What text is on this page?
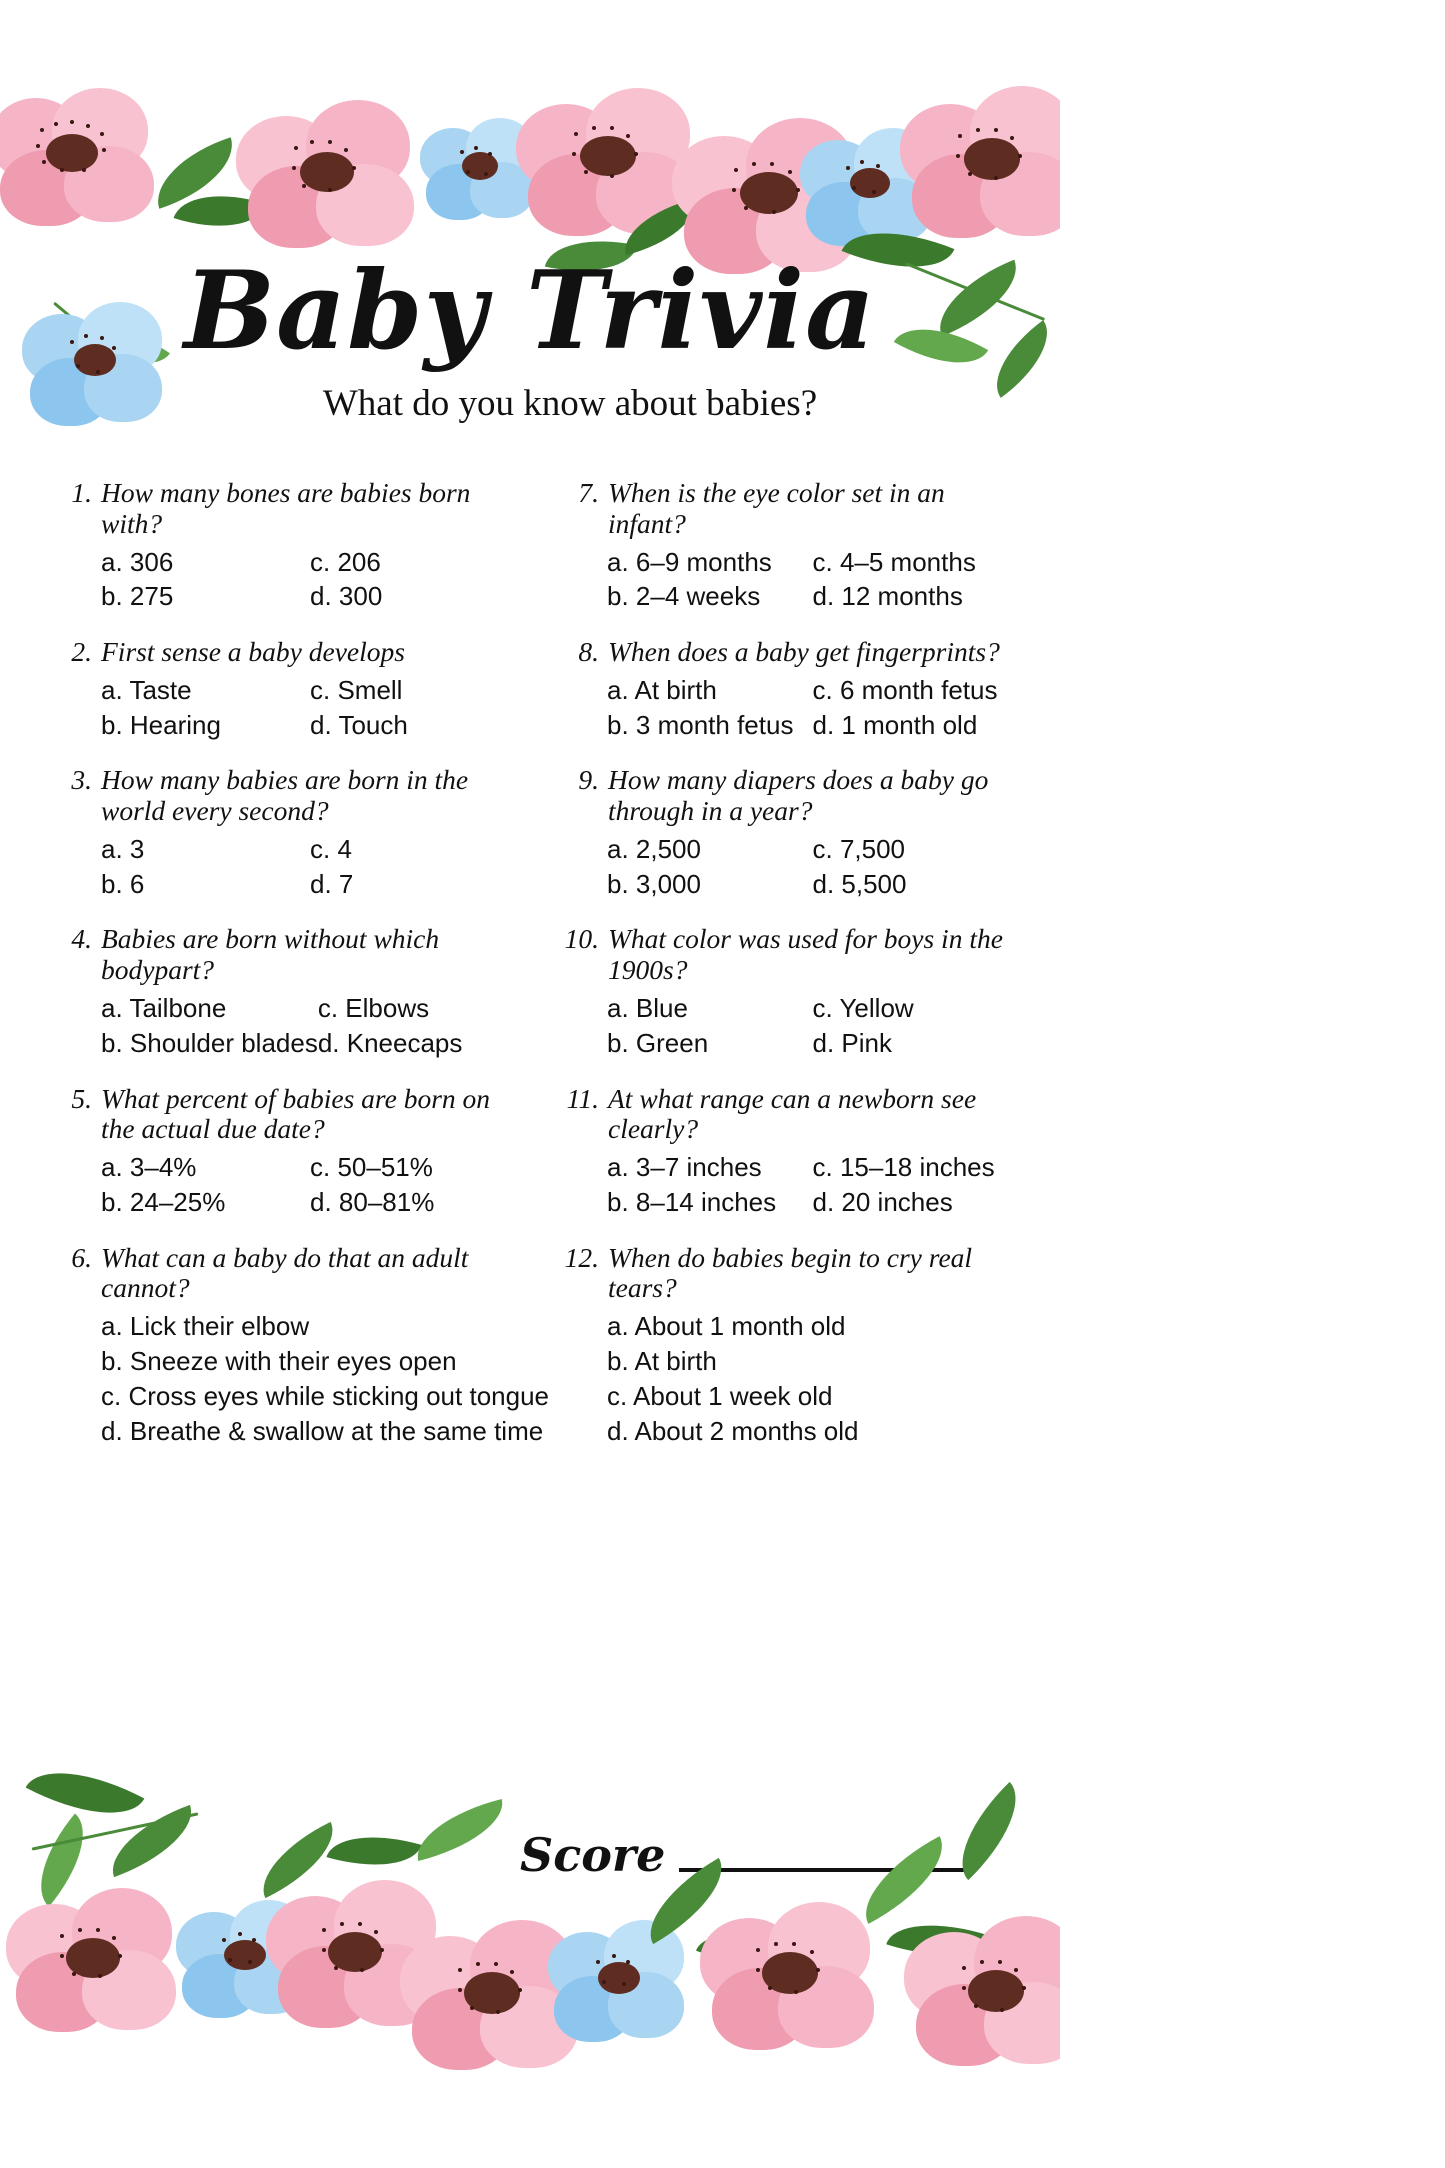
Baby Trivia
What do you know about babies?
1. How many bones are babies born with?
a. 306	c. 206
b. 275	d. 300
2. First sense a baby develops
a. Taste	c. Smell
b. Hearing	d. Touch
3. How many babies are born in the world every second?
a. 3	c. 4
b. 6	d. 7
4. Babies are born without which bodypart?
a. Tailbone	c. Elbows
b. Shoulder blades d. Kneecaps
5. What percent of babies are born on the actual due date?
a. 3–4%	c. 50–51%
b. 24–25%	d. 80–81%
6. What can a baby do that an adult cannot?
a. Lick their elbow
b. Sneeze with their eyes open
c. Cross eyes while sticking out tongue
d. Breathe & swallow at the same time
7. When is the eye color set in an infant?
a. 6–9 months	c. 4–5 months
b. 2–4 weeks	d. 12 months
8. When does a baby get fingerprints?
a. At birth	c. 6 month fetus
b. 3 month fetus d. 1 month old
9. How many diapers does a baby go through in a year?
a. 2,500	c. 7,500
b. 3,000	d. 5,500
10. What color was used for boys in the 1900s?
a. Blue	c. Yellow
b. Green	d. Pink
11. At what range can a newborn see clearly?
a. 3–7 inches	c. 15–18 inches
b. 8–14 inches	d. 20 inches
12. When do babies begin to cry real tears?
a. About 1 month old
b. At birth
c. About 1 week old
d. About 2 months old
Score
